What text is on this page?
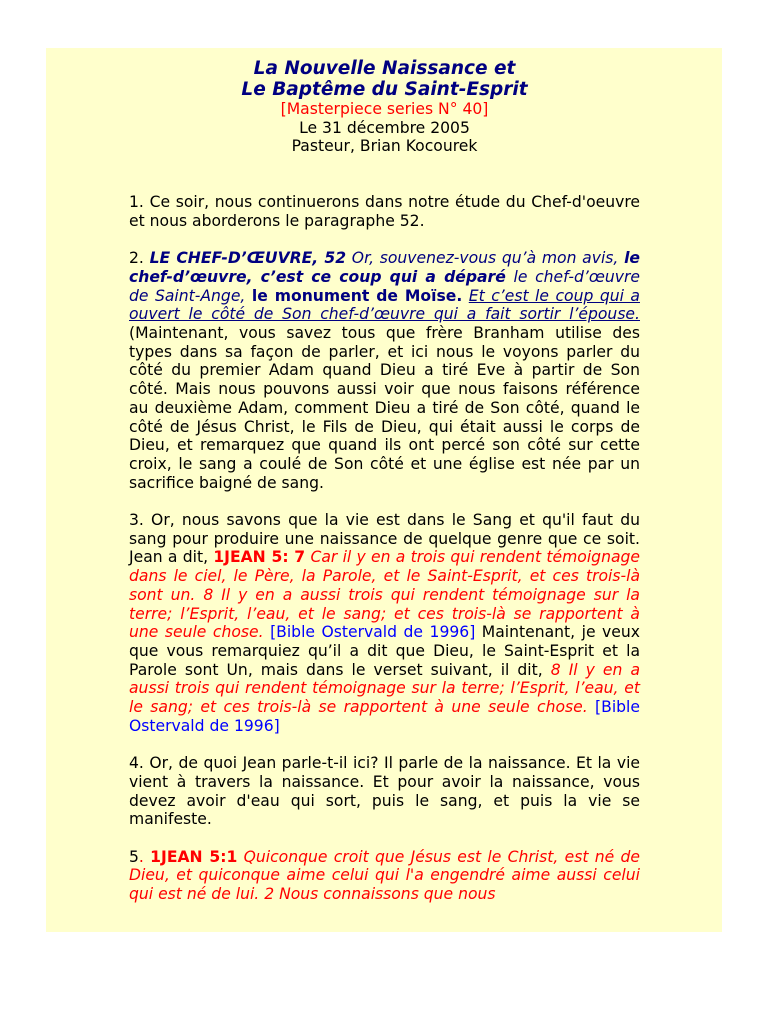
La Nouvelle Naissance et
Le Baptême du Saint-Esprit
[Masterpiece series N° 40]
Le 31 décembre 2005
Pasteur, Brian Kocourek

1. Ce soir, nous continuerons dans notre étude du Chef-d'oeuvre et nous aborderons le paragraphe 52.

2. LE CHEF-D’ŒUVRE, 52 Or, souvenez-vous qu’à mon avis, le chef-d’œuvre, c’est ce coup qui a déparé le chef-d’œuvre de Saint-Ange, le monument de Moïse. Et c’est le coup qui a ouvert le côté de Son chef-d’œuvre qui a fait sortir l’épouse. (Maintenant, vous savez tous que frère Branham utilise des types dans sa façon de parler, et ici nous le voyons parler du côté du premier Adam quand Dieu a tiré Eve à partir de Son côté. Mais nous pouvons aussi voir que nous faisons référence au deuxième Adam, comment Dieu a tiré de Son côté, quand le côté de Jésus Christ, le Fils de Dieu, qui était aussi le corps de Dieu, et remarquez que quand ils ont percé son côté sur cette croix, le sang a coulé de Son côté et une église est née par un sacrifice baigné de sang.

3. Or, nous savons que la vie est dans le Sang et qu'il faut du sang pour produire une naissance de quelque genre que ce soit. Jean a dit, 1JEAN 5: 7 Car il y en a trois qui rendent témoignage dans le ciel, le Père, la Parole, et le Saint-Esprit, et ces trois-là sont un. 8 Il y en a aussi trois qui rendent témoignage sur la terre; l’Esprit, l’eau, et le sang; et ces trois-là se rapportent à une seule chose. [Bible Ostervald de 1996] Maintenant, je veux que vous remarquiez qu’il a dit que Dieu, le Saint-Esprit et la Parole sont Un, mais dans le verset suivant, il dit, 8 Il y en a aussi trois qui rendent témoignage sur la terre; l’Esprit, l’eau, et le sang; et ces trois-là se rapportent à une seule chose. [Bible Ostervald de 1996]

4. Or, de quoi Jean parle-t-il ici? Il parle de la naissance. Et la vie vient à travers la naissance. Et pour avoir la naissance, vous devez avoir d'eau qui sort, puis le sang, et puis la vie se manifeste.

5. 1JEAN 5:1 Quiconque croit que Jésus est le Christ, est né de Dieu, et quiconque aime celui qui l'a engendré aime aussi celui qui est né de lui. 2 Nous connaissons que nous
